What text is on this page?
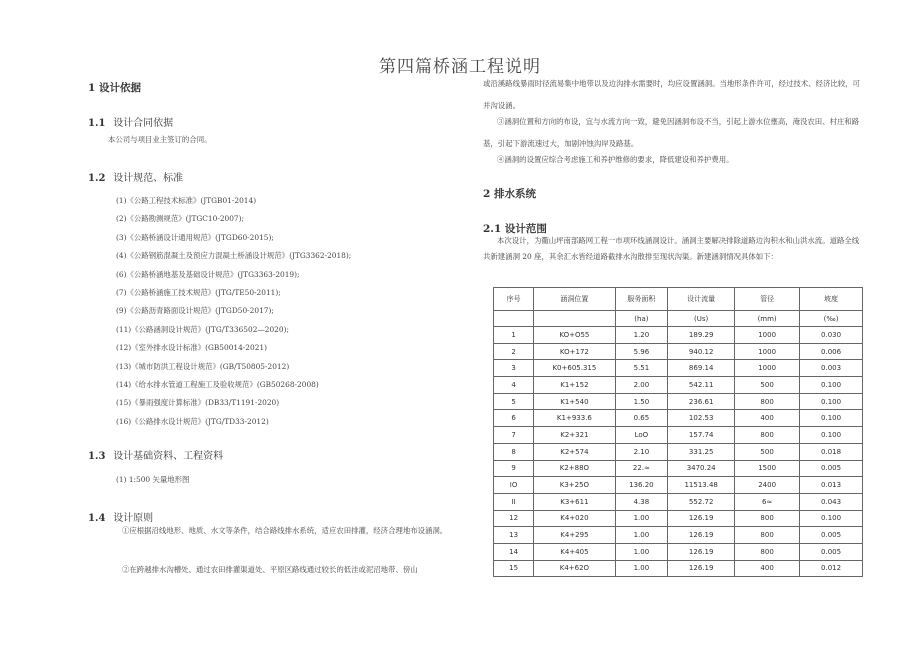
第四篇桥涵工程说明
1 设计依据
1.1 设计合同依据
本公司与项目业主签订的合同。
1.2 设计规范、标准
(1)《公路工程技术标准》(JTGB01-2014)
(2)《公路勘测规范》(JTGC10-2007);
(3)《公路桥涵设计通用规范》(JTGD60-2015);
(4)《公路钢筋混凝土及预应力混凝土桥涵设计规范》(JTG3362-2018);
(6)《公路桥涵地基及基础设计规范》(JTG3363-2019);
(7)《公路桥涵施工技术规范》(JTG/TE50-2011);
(9)《公路沥青路面设计规范》(JTGD50-2017);
(11)《公路涵洞设计规范》(JTG/T336502—2020);
(12)《室外排水设计标准》(GB50014-2021)
(13)《城市防洪工程设计规范》(GB/T50805-2012)
(14)《给水排水管道工程施工及验收规范》(GB50268-2008)
(15)《暴雨强度计算标准》(DB33/T1191-2020)
(16)《公路排水设计规范》(JTG/TD33-2012)
1.3 设计基础资料、工程资料
(1) 1:500 矢量地形图
1.4 设计原则
①应根据沿线地形、地质、水文等条件，结合路线排水系统，适应农田排灌，经济合理地布设涵洞。
②在跨越排水沟槽处、通过农田排灌渠道处、平原区路线通过较长的低洼或泥沼地带、傍山
或沿溪路线暴雨时径流易集中地带以及边沟排水需要时，均应设置涵洞。当地形条件许可，经过技术、经济比较，可并沟设涵。
③涵洞位置和方向的布设，宜与水流方向一致，避免因涵洞布设不当，引起上游水位壅高，淹没农田、村庄和路基，引起下游流速过大，加剧冲蚀沟岸及路基。
④涵洞的设置应综合考虑施工和养护维修的要求，降低建设和养护费用。
2 排水系统
2.1 设计范围
本次设计，为衢山坪南部路网工程一市项环线涵洞设计。涵洞主要解决排除道路边沟积水和山洪水流。道路全线共新建涵洞 20 座，其余汇水皆经道路截排水沟散排至现状沟渠。新建涵洞情况具体如下：
序号	涵洞位置	服务面积	设计流量	管径	坡度
		(ha)	(Us)	(mm)	(‰)
1	KO+O55	1.20	189.29	1000	0.030
2	KO+172	5.96	940.12	1000	0.006
3	K0+605.315	5.51	869.14	1000	0.003
4	K1+152	2.00	542.11	500	0.100
5	K1+540	1.50	236.61	800	0.100
6	K1+933.6	0.65	102.53	400	0.100
7	K2+321	LoO	157.74	800	0.100
8	K2+574	2.10	331.25	500	0.018
9	K2+88O	22.≈	3470.24	1500	0.005
IO	K3+25O	136.20	11513.48	2400	0.013
II	K3+611	4.38	552.72	6≈	0.043
12	K4+020	1.00	126.19	800	0.100
13	K4+295	1.00	126.19	800	0.005
14	K4+405	1.00	126.19	800	0.005
15	K4+62O	1.00	126.19	400	0.012
